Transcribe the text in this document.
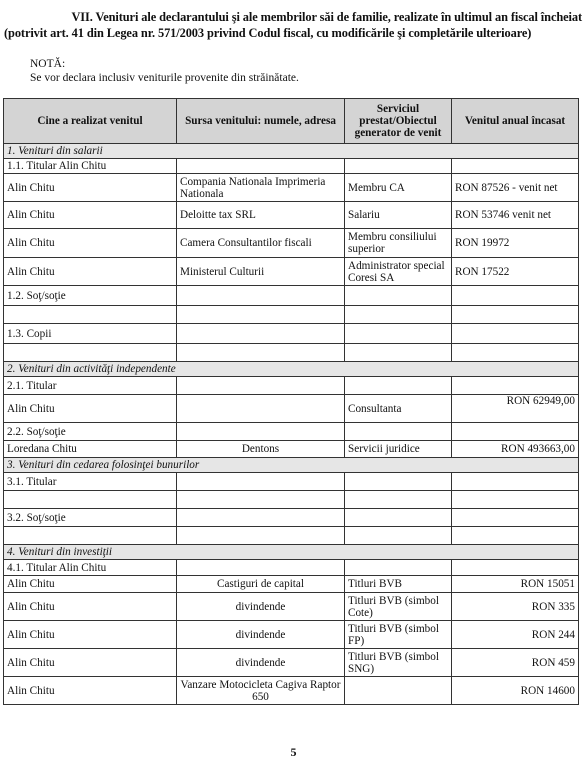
VII. Veniturі ale declarantului şi ale membrilor săi de familie, realizate în ultimul an fiscal încheiat
(potrivit art. 41 din Legea nr. 571/2003 privind Codul fiscal, cu modificările şi completările ulterioare)
NOTĂ:
Se vor declara inclusiv veniturile provenite din străinătate.
Cine a realizat venitul	Sursa venitului: numele, adresa	Serviciul prestat/Obiectul generator de venit	Venitul anual încasat
1. Venituri din salarii			
1.1. Titular Alin Chitu			
Alin Chitu	Compania Nationala Imprimeria Nationala	Membru CA	RON 87526 - venit net
Alin Chitu	Deloitte tax SRL	Salariu	RON 53746 venit net
Alin Chitu	Camera Consultantilor fiscali	Membru consiliului superior	RON 19972
Alin Chitu	Ministerul Culturii	Administrator special Coresi SA	RON 17522
1.2. Soţ/soţie			

1.3. Copii			

2. Venituri din activităţi independente			
2.1. Titular			
Alin Chitu		Consultanta	RON 62949,00
2.2. Soţ/soţie			
Loredana Chitu	Dentons	Servicii juridice	RON 493663,00
3. Venituri din cedarea folosinţei bunurilor			
3.1. Titular			

3.2. Soţ/soţie			

4. Venituri din investiţii			
4.1. Titular Alin Chitu			
Alin Chitu	Castiguri de capital	Titluri BVB	RON 15051
Alin Chitu	divindende	Titluri BVB (simbol Cote)	RON 335
Alin Chitu	divindende	Titluri BVB (simbol FP)	RON 244
Alin Chitu	divindende	Titluri BVB (simbol SNG)	RON 459
Alin Chitu	Vanzare Motocicleta Cagiva Raptor 650		RON 14600
5
